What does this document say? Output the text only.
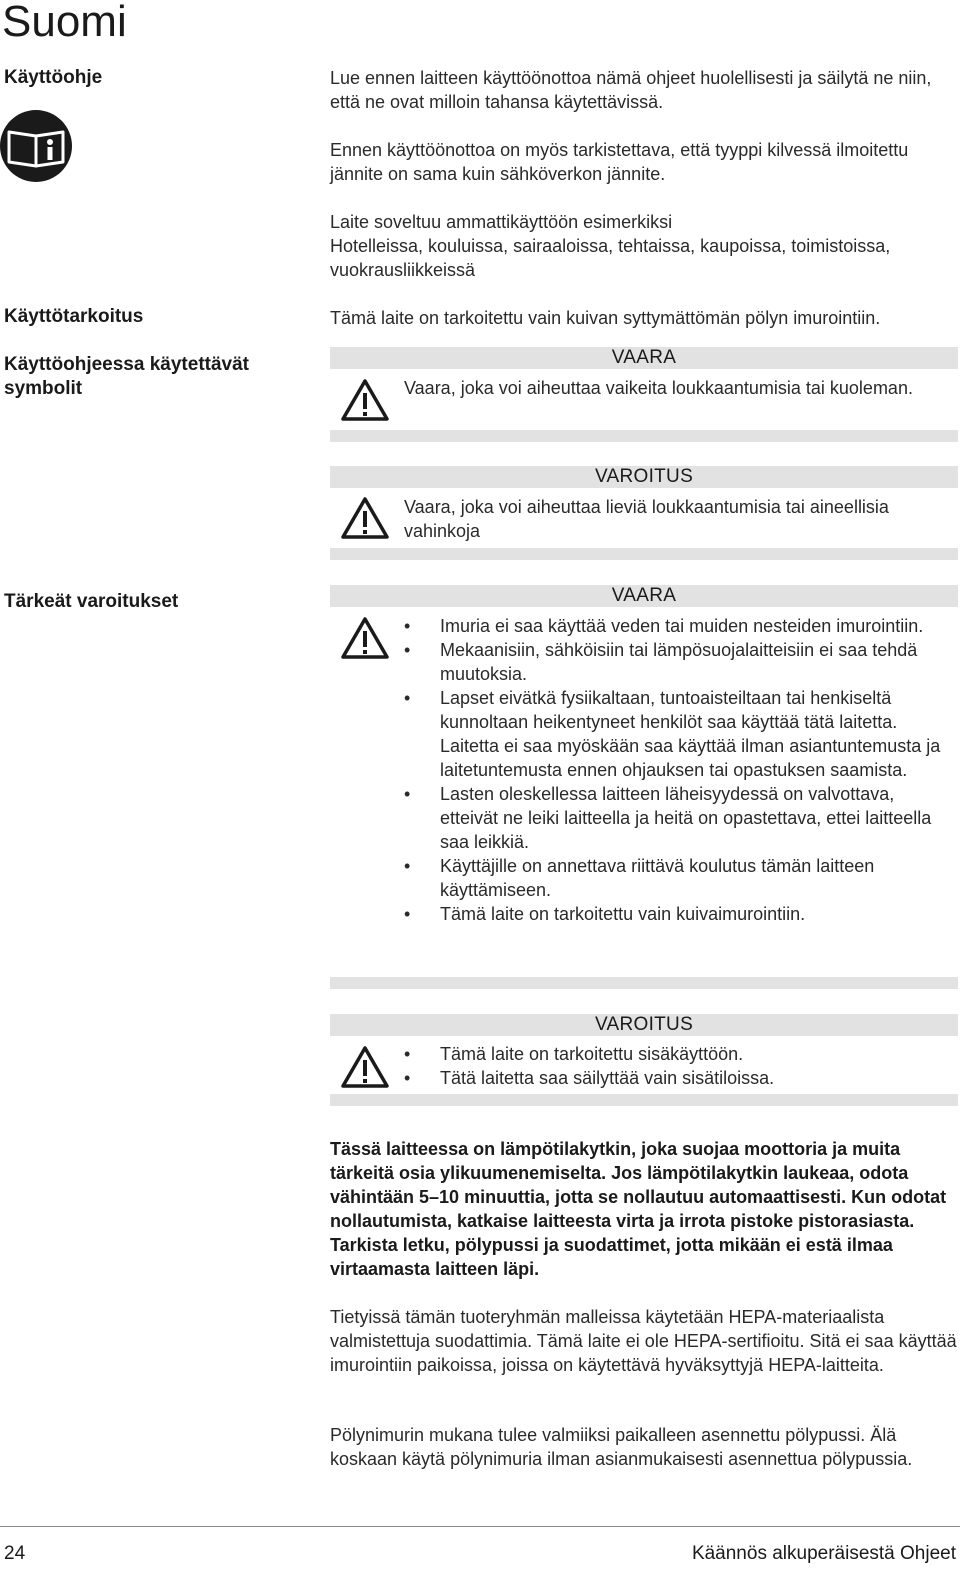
Suomi
Käyttöohje
Käyttötarkoitus
Käyttöohjeessa käytettävät symbolit
Tärkeät varoitukset

Lue ennen laitteen käyttöönottoa nämä ohjeet huolellisesti ja säilytä ne niin, että ne ovat milloin tahansa käytettävissä.

Ennen käyttöönottoa on myös tarkistettava, että tyyppi kilvessä ilmoitettu jännite on sama kuin sähköverkon jännite.

Laite soveltuu ammattikäyttöön esimerkiksi

Hotelleissa, kouluissa, sairaaloissa, tehtaissa, kaupoissa, toimistoissa, vuokrausliikkeissä

Tämä laite on tarkoitettu vain kuivan syttymättömän pölyn imurointiin.
VAARA
Vaara, joka voi aiheuttaa vaikeita loukkaantumisia tai kuoleman.
VAROITUS
Vaara, joka voi aiheuttaa lieviä loukkaantumisia tai aineellisia vahinkoja
VAARA
• Imuria ei saa käyttää veden tai muiden nesteiden imurointiin.
• Mekaanisiin, sähköisiin tai lämpösuojalaitteisiin ei saa tehdä muutoksia.
• Lapset eivätkä fysiikaltaan, tuntoaisteiltaan tai henkiseltä kunnoltaan heikentyneet henkilöt saa käyttää tätä laitetta. Laitetta ei saa myöskään saa käyttää ilman asiantuntemusta ja laitetuntemusta ennen ohjauksen tai opastuksen saamista.
• Lasten oleskellessa laitteen läheisyydessä on valvottava, etteivät ne leiki laitteella ja heitä on opastettava, ettei laitteella saa leikkiä.
• Käyttäjille on annettava riittävä koulutus tämän laitteen käyttämiseen.
• Tämä laite on tarkoitettu vain kuivaimurointiin.
VAROITUS
• Tämä laite on tarkoitettu sisäkäyttöön.
• Tätä laitetta saa säilyttää vain sisätiloissa.
Tässä laitteessa on lämpötilakytkin, joka suojaa moottoria ja muita tärkeitä osia ylikuumenemiselta. Jos lämpötilakytkin laukeaa, odota vähintään 5–10 minuuttia, jotta se nollautuu automaattisesti. Kun odotat nollautumista, katkaise laitteesta virta ja irrota pistoke pistorasiasta. Tarkista letku, pölypussi ja suodattimet, jotta mikään ei estä ilmaa virtaamasta laitteen läpi.
Tietyissä tämän tuoteryhmän malleissa käytetään HEPA-materiaalista valmistettuja suodattimia. Tämä laite ei ole HEPA-sertifioitu. Sitä ei saa käyttää imurointiin paikoissa, joissa on käytettävä hyväksyttyjä HEPA-laitteita.
Pölynimurin mukana tulee valmiiksi paikalleen asennettu pölypussi. Älä koskaan käytä pölynimuria ilman asianmukaisesti asennettua pölypussia.
24	Käännös alkuperäisestä Ohjeet
